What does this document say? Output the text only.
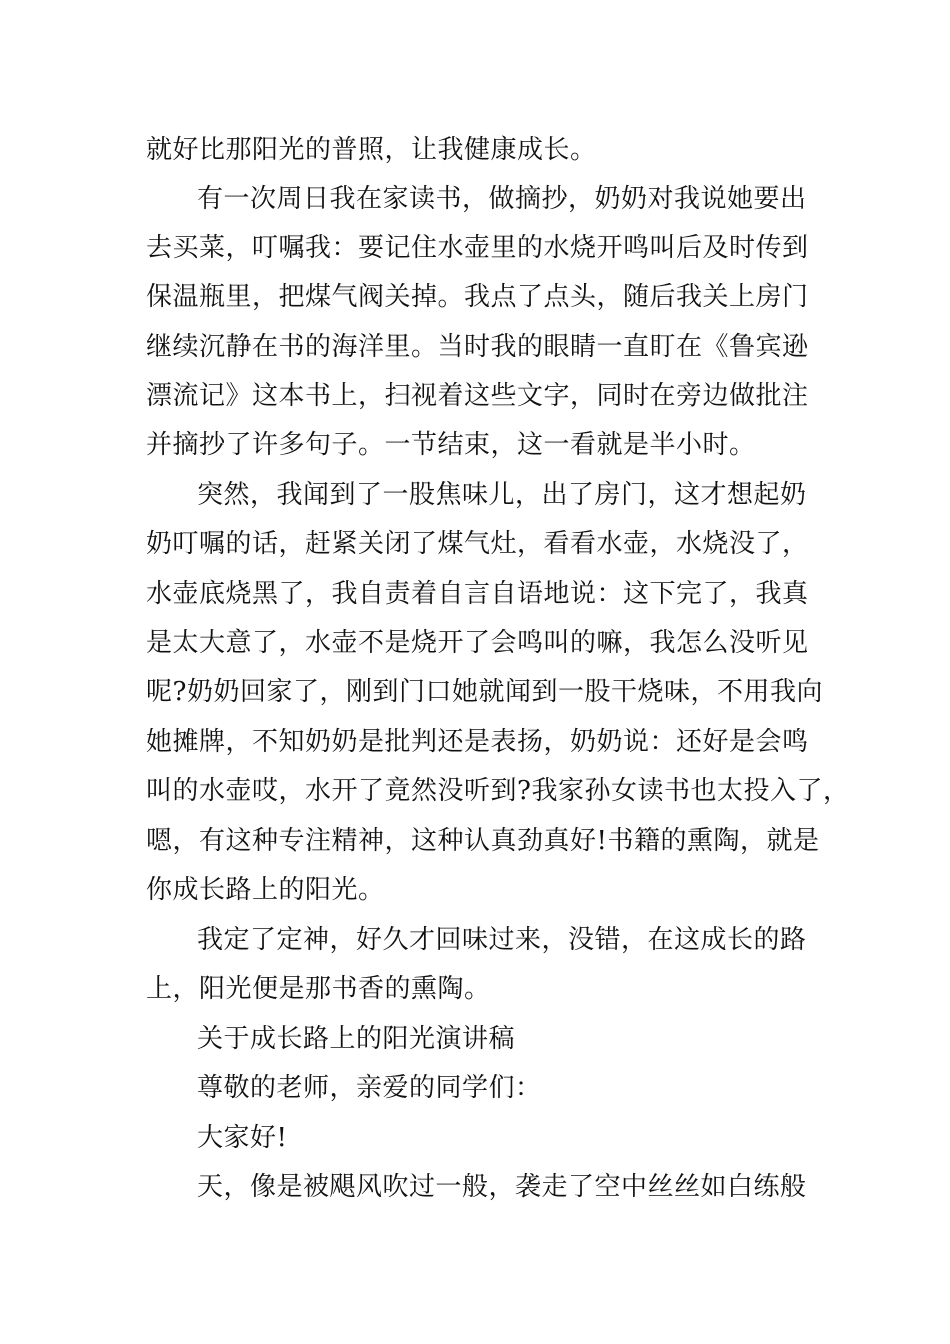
就好比那阳光的普照，让我健康成长。
有一次周日我在家读书，做摘抄，奶奶对我说她要出
去买菜，叮嘱我：要记住水壶里的水烧开鸣叫后及时传到
保温瓶里，把煤气阀关掉。我点了点头，随后我关上房门
继续沉静在书的海洋里。当时我的眼睛一直盯在《鲁宾逊
漂流记》这本书上，扫视着这些文字，同时在旁边做批注
并摘抄了许多句子。一节结束，这一看就是半小时。
突然，我闻到了一股焦味儿，出了房门，这才想起奶
奶叮嘱的话，赶紧关闭了煤气灶，看看水壶，水烧没了，
水壶底烧黑了，我自责着自言自语地说：这下完了，我真
是太大意了，水壶不是烧开了会鸣叫的嘛，我怎么没听见
呢?奶奶回家了，刚到门口她就闻到一股干烧味，不用我向
她摊牌，不知奶奶是批判还是表扬，奶奶说：还好是会鸣
叫的水壶哎，水开了竟然没听到?我家孙女读书也太投入了，
嗯，有这种专注精神，这种认真劲真好!书籍的熏陶，就是
你成长路上的阳光。
我定了定神，好久才回味过来，没错，在这成长的路
上，阳光便是那书香的熏陶。
关于成长路上的阳光演讲稿
尊敬的老师，亲爱的同学们：
大家好!
天，像是被飓风吹过一般，袭走了空中丝丝如白练般
